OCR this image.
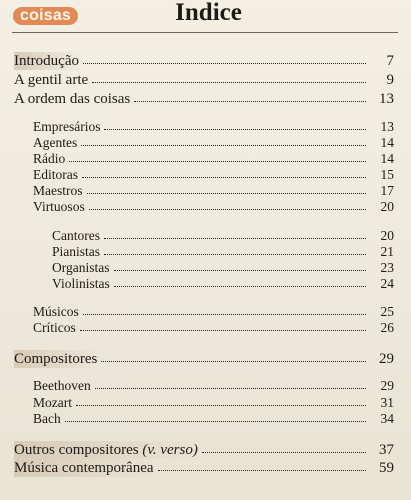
coisas	Indice
Introdução	7
A gentil arte	9
A ordem das coisas	13
Empresários	13
Agentes	14
Rádio	14
Editoras	15
Maestros	17
Virtuosos	20
Cantores	20
Pianistas	21
Organistas	23
Violinistas	24
Músicos	25
Críticos	26
Compositores	29
Beethoven	29
Mozart	31
Bach	34
Outros compositores (v. verso)	37
Música contemporânea	59
